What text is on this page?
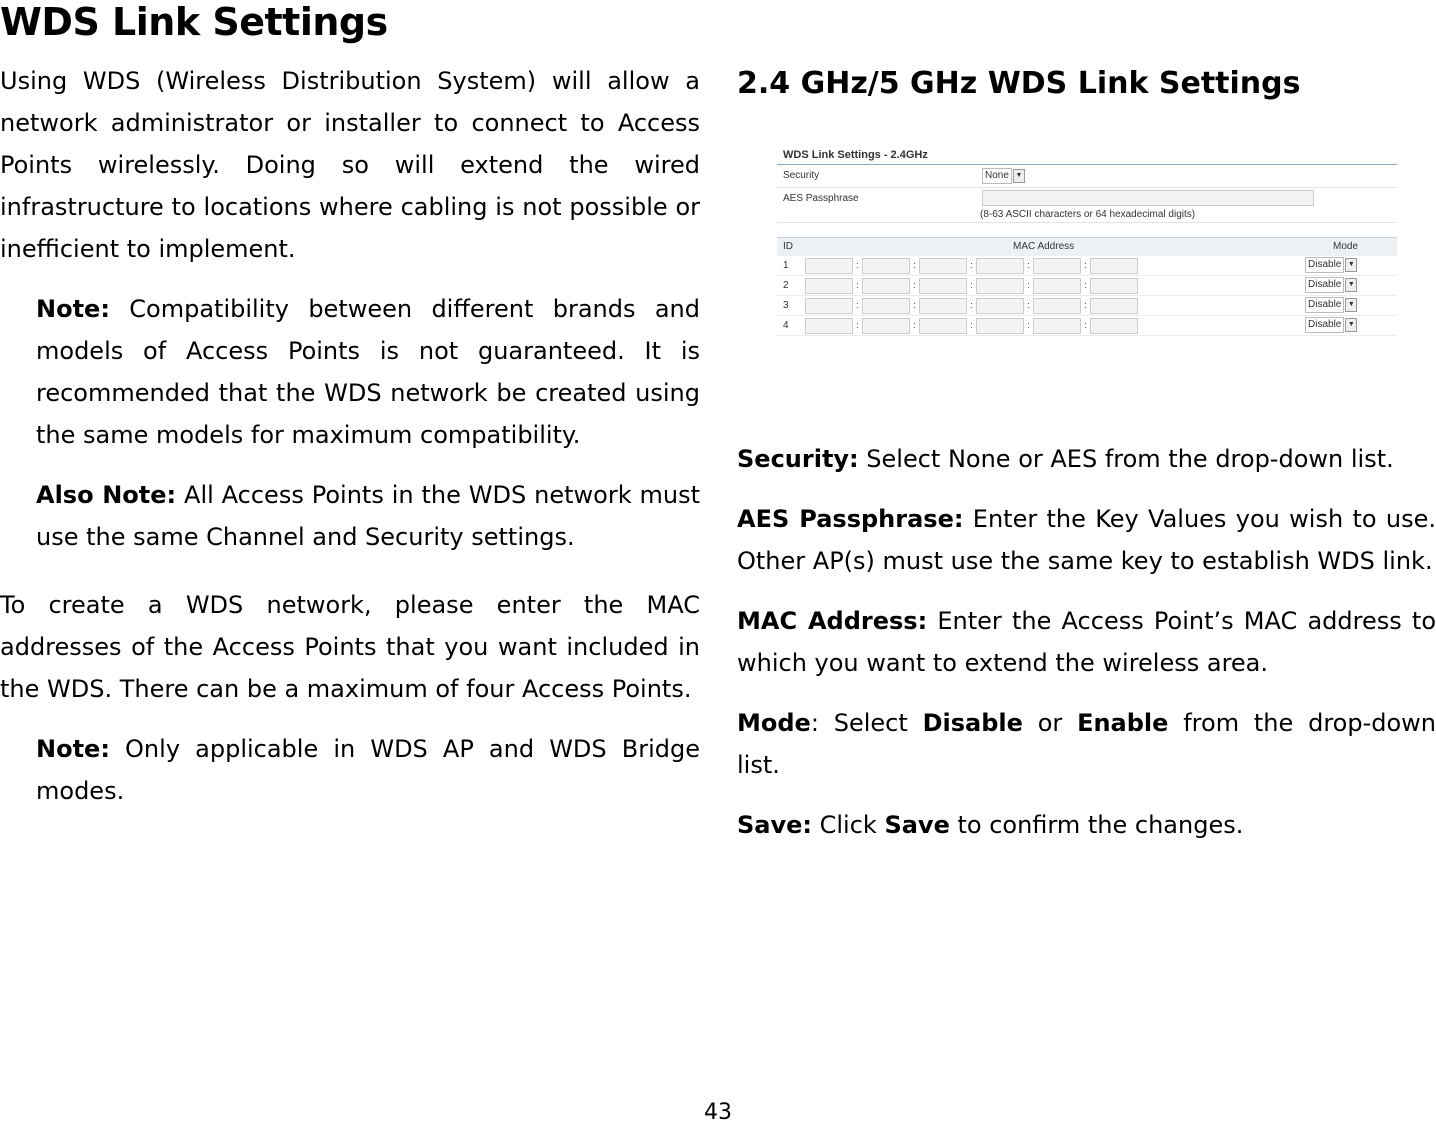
WDS Link Settings

Using WDS (Wireless Distribution System) will allow a network administrator or installer to connect to Access Points wirelessly. Doing so will extend the wired infrastructure to locations where cabling is not possible or inefficient to implement.

Note: Compatibility between different brands and models of Access Points is not guaranteed. It is recommended that the WDS network be created using the same models for maximum compatibility.

Also Note: All Access Points in the WDS network must use the same Channel and Security settings.

To create a WDS network, please enter the MAC addresses of the Access Points that you want included in the WDS. There can be a maximum of four Access Points.

Note: Only applicable in WDS AP and WDS Bridge modes.

2.4 GHz/5 GHz WDS Link Settings

Security: Select None or AES from the drop-down list.

AES Passphrase: Enter the Key Values you wish to use. Other AP(s) must use the same key to establish WDS link.

MAC Address: Enter the Access Point’s MAC address to which you want to extend the wireless area.

Mode: Select Disable or Enable from the drop-down list.

Save: Click Save to confirm the changes.

WDS Link Settings - 2.4GHz
Security	None ▼
AES Passphrase
(8-63 ASCII characters or 64 hexadecimal digits)
ID	MAC Address	Mode
1	:	:	:	:	:	Disable ▼
2	:	:	:	:	:	Disable ▼
3	:	:	:	:	:	Disable ▼
4	:	:	:	:	:	Disable ▼
43
